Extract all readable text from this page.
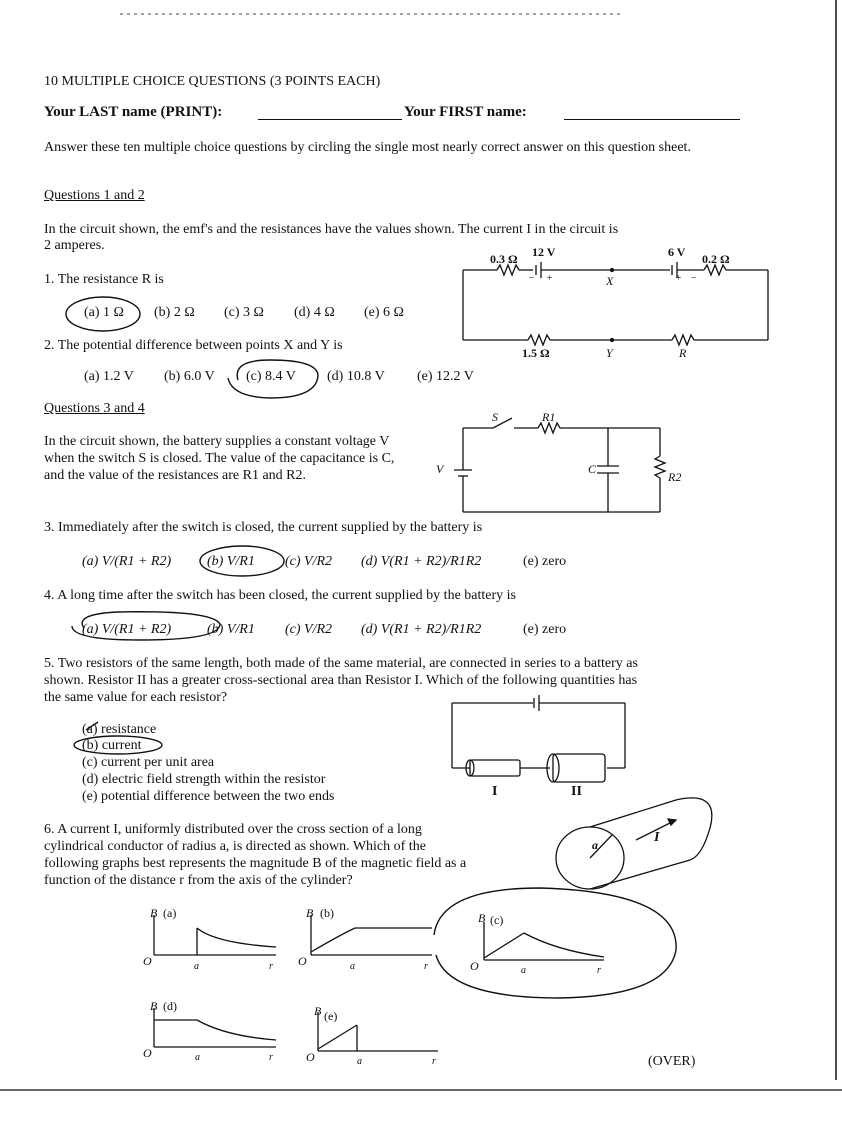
10 MULTIPLE CHOICE QUESTIONS (3 POINTS EACH)
Your LAST name (PRINT):	Your FIRST name:
Answer these ten multiple choice questions by circling the single most nearly correct answer on this question sheet.
Questions 1 and 2
In the circuit shown, the emf's and the resistances have the values shown. The current I in the circuit is
2 amperes.
1. The resistance R is
(a) 1 Ω (b) 2 Ω (c) 3 Ω (d) 4 Ω (e) 6 Ω
2. The potential difference between points X and Y is
(a) 1.2 V (b) 6.0 V (c) 8.4 V (d) 10.8 V (e) 12.2 V
0.3 Ω 12 V	6 V 0.2 Ω
X
1.5 Ω	Y	R
+
−	+ −
Questions 3 and 4
In the circuit shown, the battery supplies a constant voltage V when the switch S is closed. The value of the capacitance is C, and the value of the resistances are R1 and R2.
S	R1
V	C
R2
3. Immediately after the switch is closed, the current supplied by the battery is
(a) V/(R1 + R2)	(b) V/R1 (c) V/R2 (d) V(R1 + R2)/R1R2	(e) zero
4. A long time after the switch has been closed, the current supplied by the battery is
(a) V/(R1 + R2)	(b) V/R1 (c) V/R2 (d) V(R1 + R2)/R1R2	(e) zero
5. Two resistors of the same length, both made of the same material, are connected in series to a battery as
shown. Resistor II has a greater cross-sectional area than Resistor I. Which of the following quantities has
the same value for each resistor?
(a) resistance
(b) current
(c) current per unit area
(d) electric field strength within the resistor
(e) potential difference between the two ends	I	II
6. A current I, uniformly distributed over the cross section of a long
cylindrical conductor of radius a, is directed as shown. Which of the
following graphs best represents the magnitude B of the magnetic field as a
function of the distance r from the axis of the cylinder?
a	I
B (a)
O	a	r
B (b)
O	a	r
B (c)
O	a	r
B (d)
O	a	r
B (e)
O	a	r	(OVER)
